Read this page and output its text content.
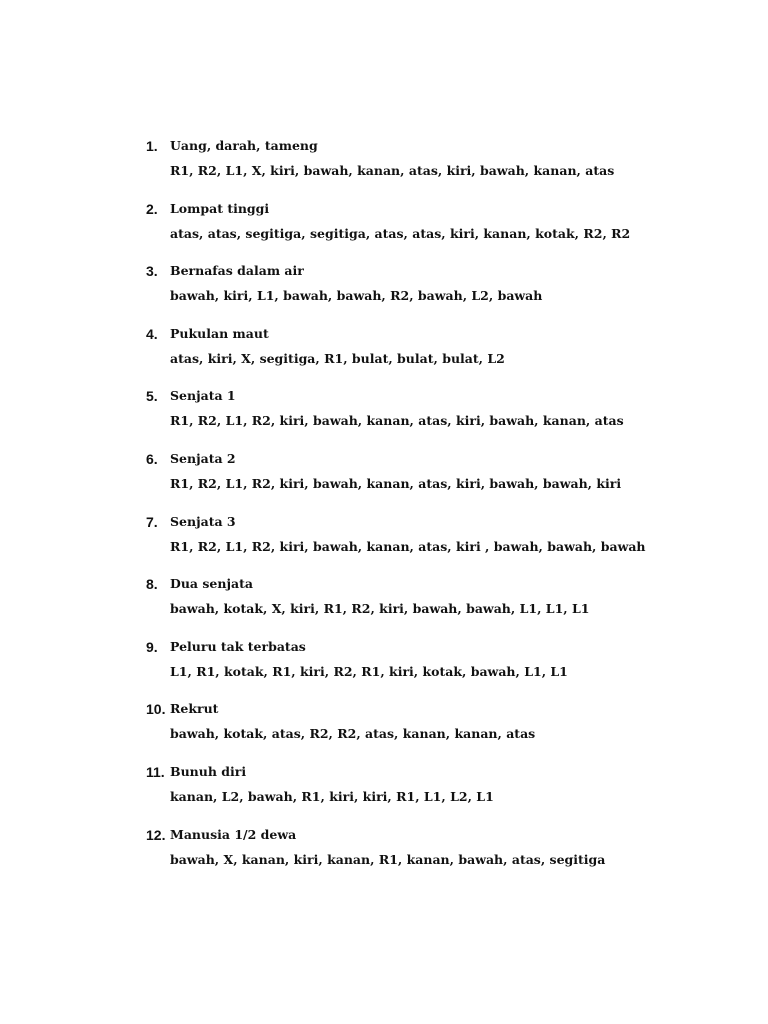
1. Uang, darah, tameng
R1, R2, L1, X, kiri, bawah, kanan, atas, kiri, bawah, kanan, atas
2. Lompat tinggi
atas, atas, segitiga, segitiga, atas, atas, kiri, kanan, kotak, R2, R2
3. Bernafas dalam air
bawah, kiri, L1, bawah, bawah, R2, bawah, L2, bawah
4. Pukulan maut
atas, kiri, X, segitiga, R1, bulat, bulat, bulat, L2
5. Senjata 1
R1, R2, L1, R2, kiri, bawah, kanan, atas, kiri, bawah, kanan, atas
6. Senjata 2
R1, R2, L1, R2, kiri, bawah, kanan, atas, kiri, bawah, bawah, kiri
7. Senjata 3
R1, R2, L1, R2, kiri, bawah, kanan, atas, kiri , bawah, bawah, bawah
8. Dua senjata
bawah, kotak, X, kiri, R1, R2, kiri, bawah, bawah, L1, L1, L1
9. Peluru tak terbatas
L1, R1, kotak, R1, kiri, R2, R1, kiri, kotak, bawah, L1, L1
10. Rekrut
bawah, kotak, atas, R2, R2, atas, kanan, kanan, atas
11. Bunuh diri
kanan, L2, bawah, R1, kiri, kiri, R1, L1, L2, L1
12. Manusia 1/2 dewa
bawah, X, kanan, kiri, kanan, R1, kanan, bawah, atas, segitiga
